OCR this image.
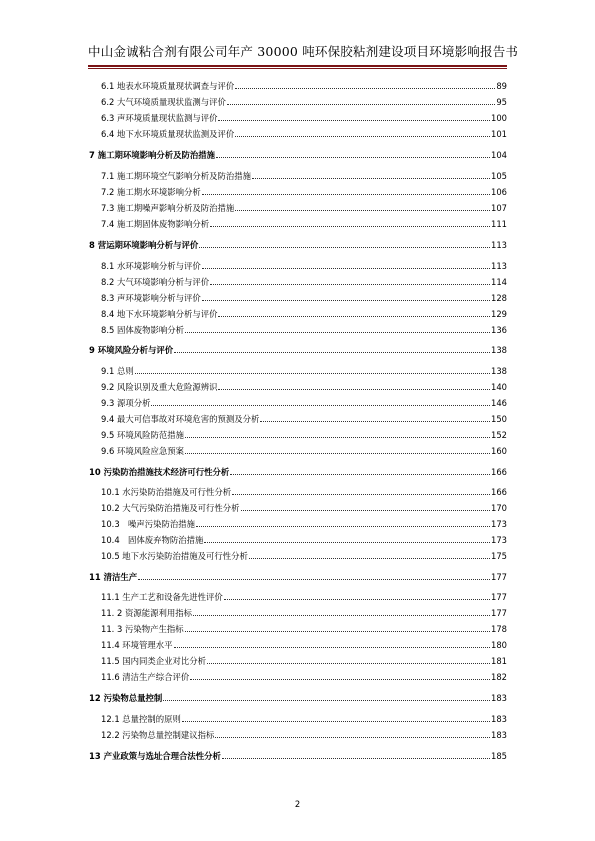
中山金诚粘合剂有限公司年产 30000 吨环保胶粘剂建设项目环境影响报告书
6.1 地表水环境质量现状调查与评价	89
6.2 大气环境质量现状监测与评价	95
6.3 声环境质量现状监测与评价	100
6.4 地下水环境质量现状监测及评价	101
7 施工期环境影响分析及防治措施	104
7.1 施工期环境空气影响分析及防治措施	105
7.2 施工期水环境影响分析	106
7.3 施工期噪声影响分析及防治措施	107
7.4 施工期固体废物影响分析	111
8 营运期环境影响分析与评价	113
8.1 水环境影响分析与评价	113
8.2 大气环境影响分析与评价	114
8.3 声环境影响分析与评价	128
8.4 地下水环境影响分析与评价	129
8.5 固体废物影响分析	136
9 环境风险分析与评价	138
9.1 总则	138
9.2 风险识别及重大危险源辨识	140
9.3 源项分析	146
9.4 最大可信事故对环境危害的预测及分析	150
9.5 环境风险防范措施	152
9.6 环境风险应急预案	160
10 污染防治措施技术经济可行性分析	166
10.1 水污染防治措施及可行性分析	166
10.2 大气污染防治措施及可行性分析	170
10.3　噪声污染防治措施	173
10.4　固体废弃物防治措施	173
10.5 地下水污染防治措施及可行性分析	175
11 清洁生产	177
11.1 生产工艺和设备先进性评价	177
11. 2 资源能源利用指标	177
11. 3 污染物产生指标	178
11.4 环境管理水平	180
11.5 国内同类企业对比分析	181
11.6 清洁生产综合评价	182
12 污染物总量控制	183
12.1 总量控制的原则	183
12.2 污染物总量控制建议指标	183
13 产业政策与选址合理合法性分析	185
2
